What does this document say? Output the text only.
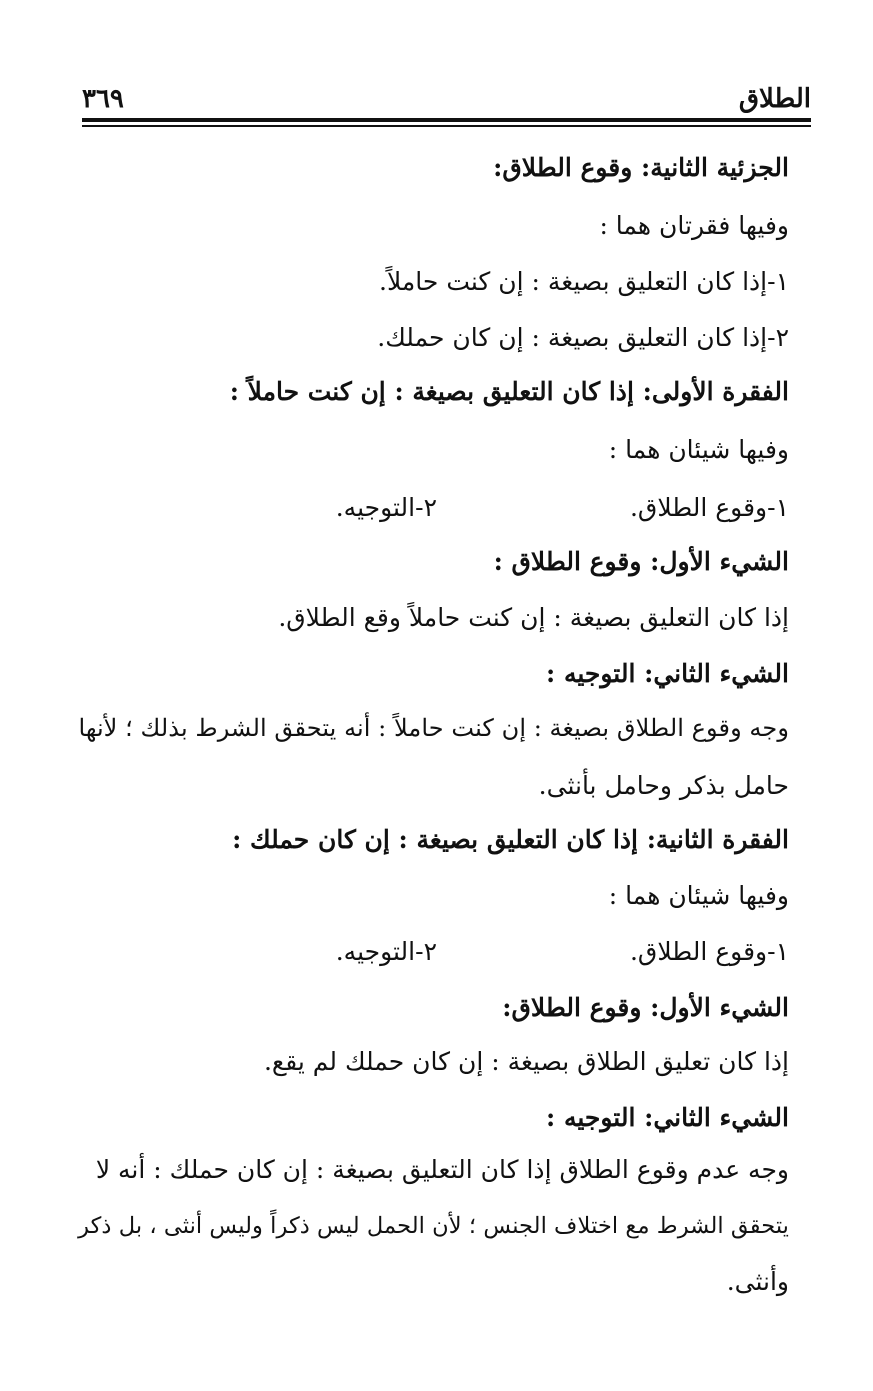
الطلاق
٣٦٩
الجزئية الثانية: وقوع الطلاق:
وفيها فقرتان هما :
١-إذا كان التعليق بصيغة : إن كنت حاملاً.
٢-إذا كان التعليق بصيغة : إن كان حملك.
الفقرة الأولى: إذا كان التعليق بصيغة : إن كنت حاملاً :
وفيها شيئان هما :
١-وقوع الطلاق.
٢-التوجيه.
الشيء الأول: وقوع الطلاق :
إذا كان التعليق بصيغة : إن كنت حاملاً وقع الطلاق.
الشيء الثاني: التوجيه :
وجه وقوع الطلاق بصيغة : إن كنت حاملاً : أنه يتحقق الشرط بذلك ؛ لأنها
حامل بذكر وحامل بأنثى.
الفقرة الثانية: إذا كان التعليق بصيغة : إن كان حملك :
وفيها شيئان هما :
١-وقوع الطلاق.
٢-التوجيه.
الشيء الأول: وقوع الطلاق:
إذا كان تعليق الطلاق بصيغة : إن كان حملك لم يقع.
الشيء الثاني: التوجيه :
وجه عدم وقوع الطلاق إذا كان التعليق بصيغة : إن كان حملك : أنه لا
يتحقق الشرط مع اختلاف الجنس ؛ لأن الحمل ليس ذكراً وليس أنثى ، بل ذكر
وأنثى.
